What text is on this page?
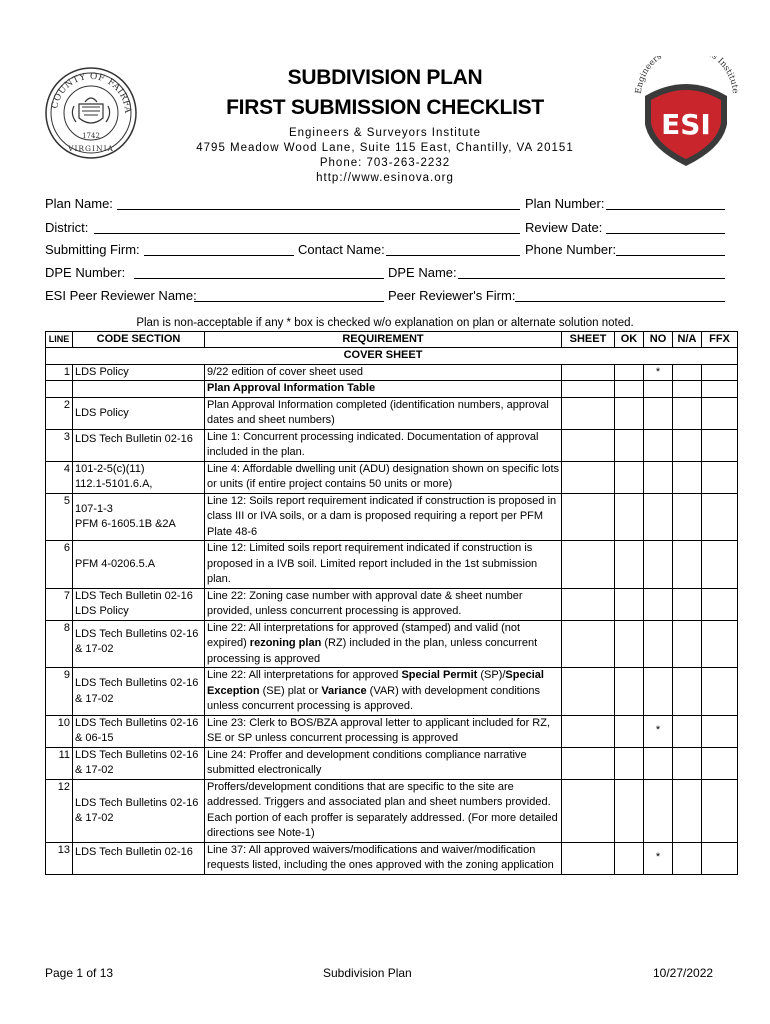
COUNTY OF FAIRFA
1742
VIRGINIA
Engineers s Institute
ESI
SUBDIVISION PLAN
FIRST SUBMISSION CHECKLIST
Engineers & Surveyors Institute
4795 Meadow Wood Lane, Suite 115 East, Chantilly, VA 20151
Phone: 703-263-2232
http://www.esinova.org
Plan Name:	Plan Number:
District:	Review Date:
Submitting Firm:	Contact Name:	Phone Number:
DPE Number:	DPE Name:
ESI Peer Reviewer Name:	Peer Reviewer's Firm:
Plan is non-acceptable if any * box is checked w/o explanation on plan or alternate solution noted.
LINE	CODE SECTION	REQUIREMENT	SHEET	OK	NO	N/A	FFX
		COVER SHEET					
1	LDS Policy	9/22 edition of cover sheet used			*		
		Plan Approval Information Table					
2	LDS Policy	Plan Approval Information completed (identification numbers, approval dates and sheet numbers)					

3	LDS Tech Bulletin 02-16	Line 1: Concurrent processing indicated. Documentation of approval included in the plan.					

4	101-2-5(c)(11)
112.1-5101.6.A,	Line 4: Affordable dwelling unit (ADU) designation shown on specific lots or units (if entire project contains 50 units or more)					

5	107-1-3
PFM 6-1605.1B &2A	Line 12: Soils report requirement indicated if construction is proposed in class III or IVA soils, or a dam is proposed requiring a report per PFM Plate 48-6					

6	PFM 4-0206.5.A	Line 12: Limited soils report requirement indicated if construction is proposed in a IVB soil. Limited report included in the 1st submission plan.					

7	LDS Tech Bulletin 02-16
LDS Policy	Line 22: Zoning case number with approval date & sheet number provided, unless concurrent processing is approved.					

8	LDS Tech Bulletins 02-16 & 17-02	Line 22: All interpretations for approved (stamped) and valid (not expired) rezoning plan (RZ) included in the plan, unless concurrent processing is approved					

9	LDS Tech Bulletins 02-16 & 17-02	Line 22: All interpretations for approved Special Permit (SP)/Special Exception (SE) plat or Variance (VAR) with development conditions unless concurrent processing is approved.					

10	LDS Tech Bulletins 02-16 & 06-15	Line 23: Clerk to BOS/BZA approval letter to applicant included for RZ, SE or SP unless concurrent processing is approved			*		
11	LDS Tech Bulletins 02-16 & 17-02	Line 24: Proffer and development conditions compliance narrative submitted electronically					

12	LDS Tech Bulletins 02-16 & 17-02	Proffers/development conditions that are specific to the site are addressed. Triggers and associated plan and sheet numbers provided.
Each portion of each proffer is separately addressed. (For more detailed directions see Note-1)					

13	LDS Tech Bulletin 02-16	Line 37: All approved waivers/modifications and waiver/modification requests listed, including the ones approved with the zoning application			*		
Page 1 of 13	Subdivision Plan	10/27/2022
